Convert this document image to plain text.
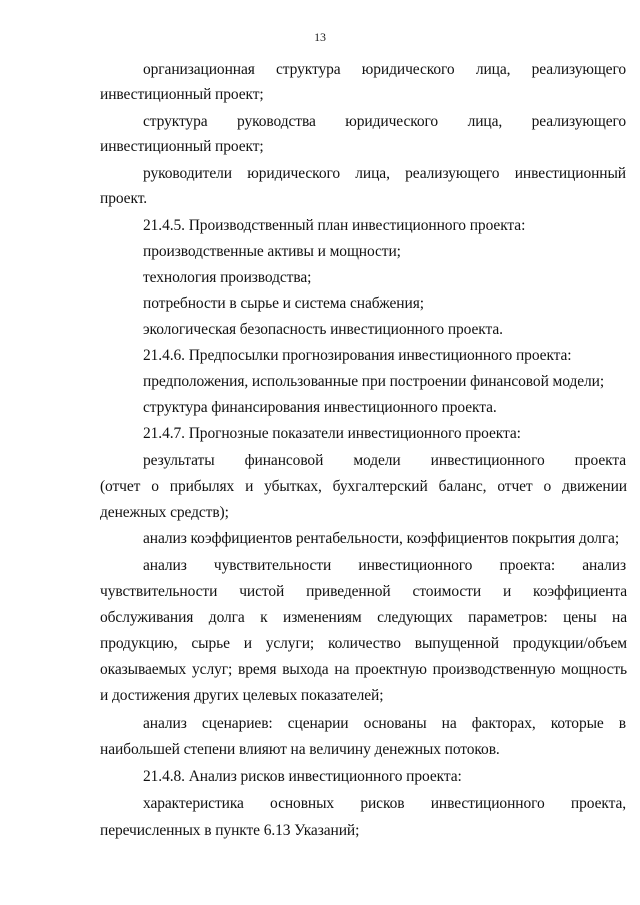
13
организационная структура юридического лица, реализующего
инвестиционный проект;
структура руководства юридического лица, реализующего
инвестиционный проект;
руководители юридического лица, реализующего инвестиционный
проект.
21.4.5. Производственный план инвестиционного проекта:
производственные активы и мощности;
технология производства;
потребности в сырье и система снабжения;
экологическая безопасность инвестиционного проекта.
21.4.6. Предпосылки прогнозирования инвестиционного проекта:
предположения, использованные при построении финансовой модели;
структура финансирования инвестиционного проекта.
21.4.7. Прогнозные показатели инвестиционного проекта:
результаты финансовой модели инвестиционного проекта
(отчет о прибылях и убытках, бухгалтерский баланс, отчет о движении
денежных средств);
анализ коэффициентов рентабельности, коэффициентов покрытия долга;
анализ чувствительности инвестиционного проекта: анализ
чувствительности чистой приведенной стоимости и коэффициента
обслуживания долга к изменениям следующих параметров: цены на
продукцию, сырье и услуги; количество выпущенной продукции/объем
оказываемых услуг; время выхода на проектную производственную мощность
и достижения других целевых показателей;
анализ сценариев: сценарии основаны на факторах, которые в
наибольшей степени влияют на величину денежных потоков.
21.4.8. Анализ рисков инвестиционного проекта:
характеристика основных рисков инвестиционного проекта,
перечисленных в пункте 6.13 Указаний;
